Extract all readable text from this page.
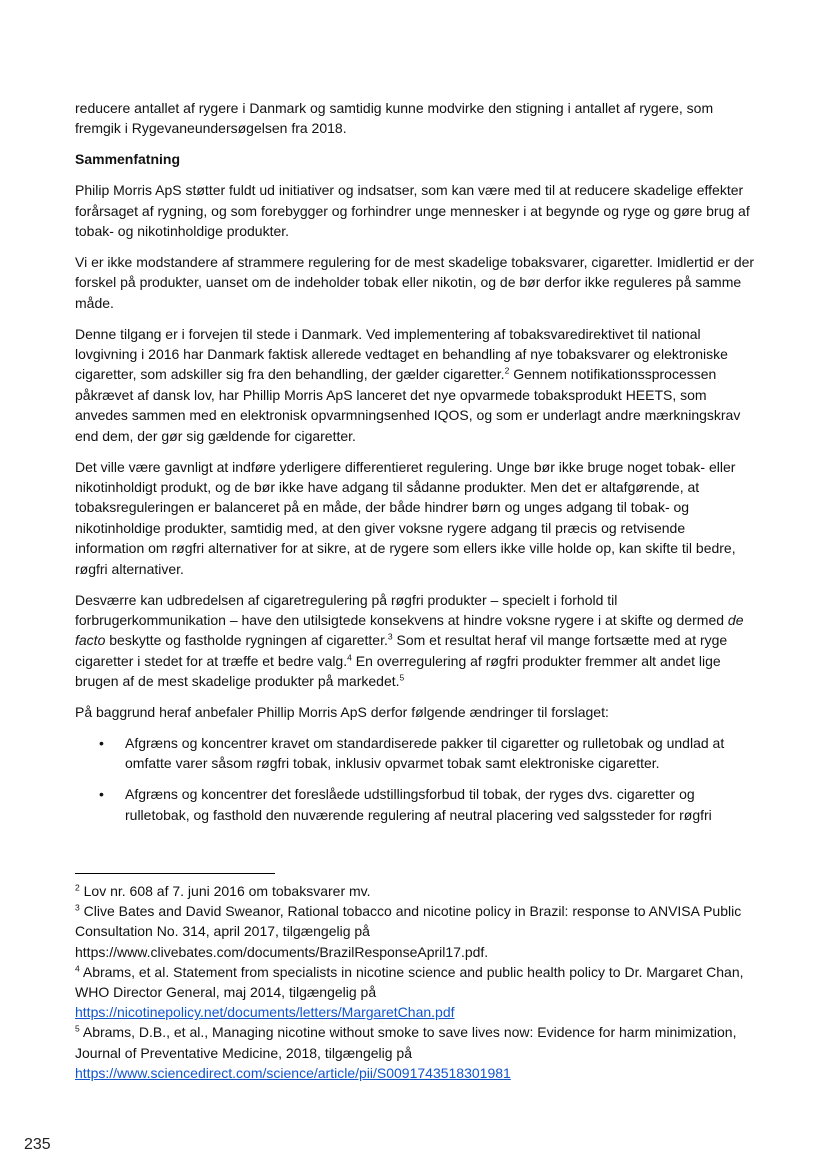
reducere antallet af rygere i Danmark og samtidig kunne modvirke den stigning i antallet af rygere, som fremgik i Rygevaneundersøgelsen fra 2018.

Sammenfatning

Philip Morris ApS støtter fuldt ud initiativer og indsatser, som kan være med til at reducere skadelige effekter forårsaget af rygning, og som forebygger og forhindrer unge mennesker i at begynde og ryge og gøre brug af tobak- og nikotinholdige produkter.

Vi er ikke modstandere af strammere regulering for de mest skadelige tobaksvarer, cigaretter. Imidlertid er der forskel på produkter, uanset om de indeholder tobak eller nikotin, og de bør derfor ikke reguleres på samme måde.

Denne tilgang er i forvejen til stede i Danmark. Ved implementering af tobaksvaredirektivet til national lovgivning i 2016 har Danmark faktisk allerede vedtaget en behandling af nye tobaksvarer og elektroniske cigaretter, som adskiller sig fra den behandling, der gælder cigaretter.$^2$ Gennem notifikationssprocessen påkrævet af dansk lov, har Phillip Morris ApS lanceret det nye opvarmede tobaksprodukt HEETS, som anvedes sammen med en elektronisk opvarmningsenhed IQOS, og som er underlagt andre mærkningskrav end dem, der gør sig gældende for cigaretter.

Det ville være gavnligt at indføre yderligere differentieret regulering. Unge bør ikke bruge noget tobak- eller nikotinholdigt produkt, og de bør ikke have adgang til sådanne produkter. Men det er altafgørende, at tobaksreguleringen er balanceret på en måde, der både hindrer børn og unges adgang til tobak- og nikotinholdige produkter, samtidig med, at den giver voksne rygere adgang til præcis og retvisende information om røgfri alternativer for at sikre, at de rygere som ellers ikke ville holde op, kan skifte til bedre, røgfri alternativer.

Desværre kan udbredelsen af cigaretregulering på røgfri produkter – specielt i forhold til forbrugerkommunikation – have den utilsigtede konsekvens at hindre voksne rygere i at skifte og dermed de facto beskytte og fastholde rygningen af cigaretter.$^3$ Som et resultat heraf vil mange fortsætte med at ryge cigaretter i stedet for at træffe et bedre valg.$^4$ En overregulering af røgfri produkter fremmer alt andet lige brugen af de mest skadelige produkter på markedet.$^5$

På baggrund heraf anbefaler Phillip Morris ApS derfor følgende ændringer til forslaget:

• Afgræns og koncentrer kravet om standardiserede pakker til cigaretter og rulletobak og undlad at omfatte varer såsom røgfri tobak, inklusiv opvarmet tobak samt elektroniske cigaretter.
• Afgræns og koncentrer det foreslåede udstillingsforbud til tobak, der ryges dvs. cigaretter og rulletobak, og fasthold den nuværende regulering af neutral placering ved salgssteder for røgfri

$^2$ Lov nr. 608 af 7. juni 2016 om tobaksvarer mv.

$^3$ Clive Bates and David Sweanor, Rational tobacco and nicotine policy in Brazil: response to ANVISA Public Consultation No. 314, april 2017, tilgængelig på https://www.clivebates.com/documents/BrazilResponseApril17.pdf.

$^4$ Abrams, et al. Statement from specialists in nicotine science and public health policy to Dr. Margaret Chan, WHO Director General, maj 2014, tilgængelig på
https://nicotinepolicy.net/documents/letters/MargaretChan.pdf

$^5$ Abrams, D.B., et al., Managing nicotine without smoke to save lives now: Evidence for harm minimization, Journal of Preventative Medicine, 2018, tilgængelig på
https://www.sciencedirect.com/science/article/pii/S0091743518301981

235
